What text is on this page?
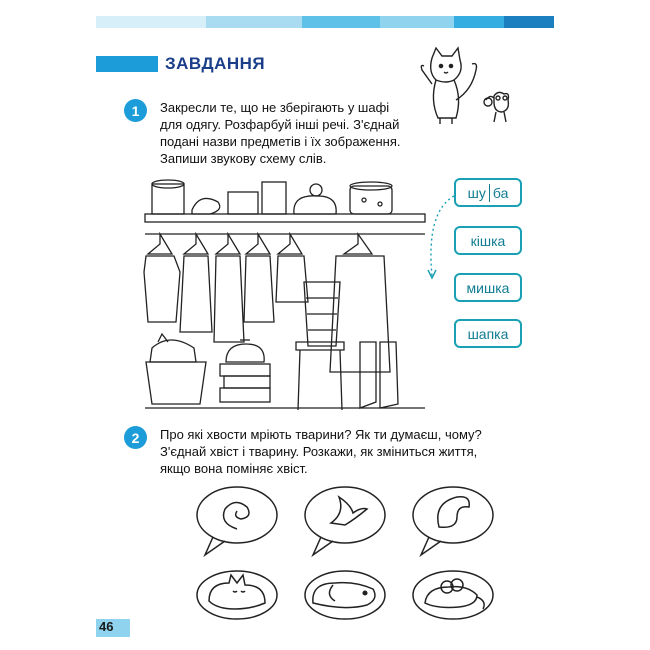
ЗАВДАННЯ
1	Закресли те, що не зберігають у шафі
для одягу. Розфарбуй інші речі. З'єднай
подані назви предметів і їх зображення.
Запиши звукову схему слів.
шу ба
кішка
мишка
шапка
2	Про які хвости мріють тварини? Як ти думаєш, чому?
З'єднай хвіст і тварину. Розкажи, як зміниться життя,
якщо вона поміняє хвіст.
46
